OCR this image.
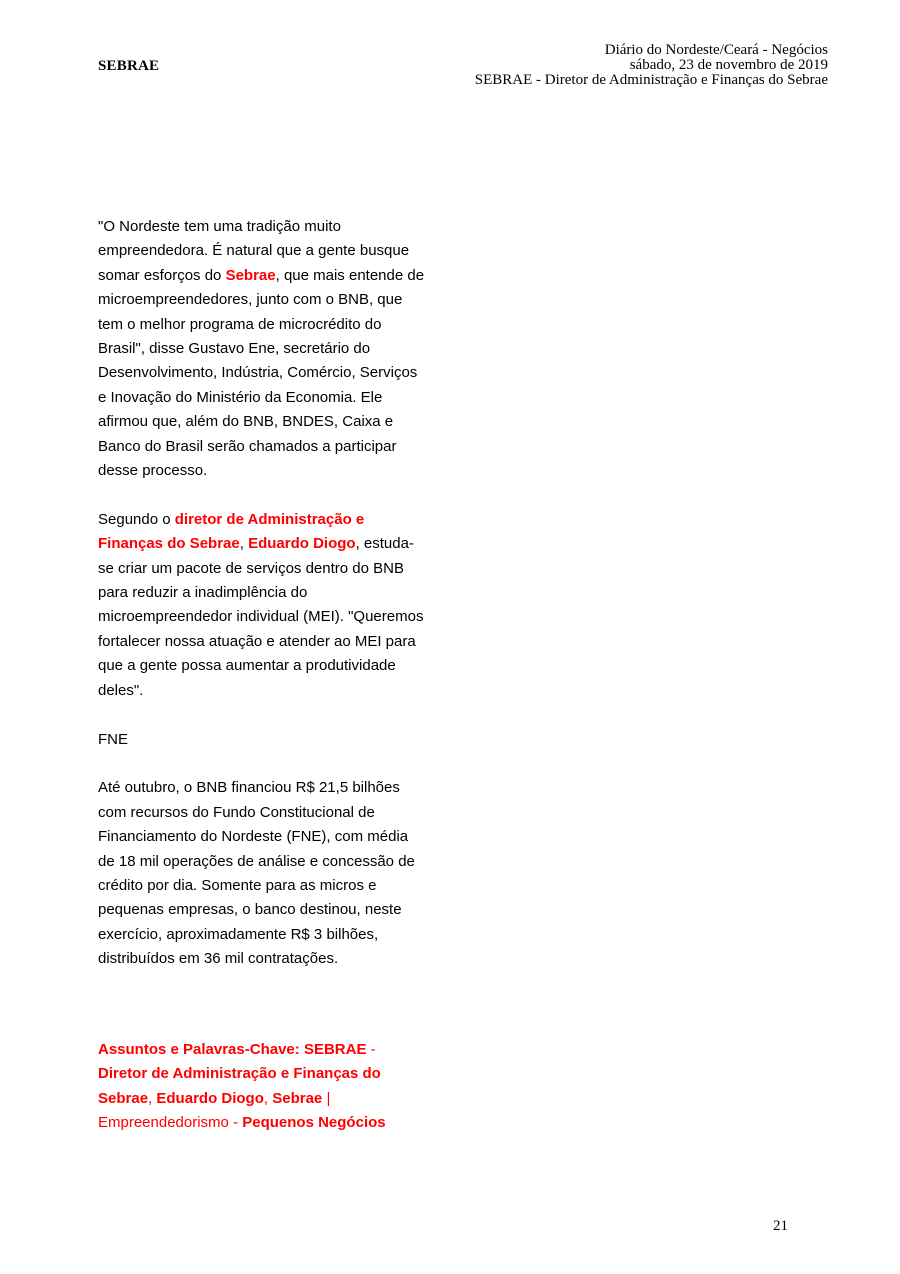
SEBRAE
Diário do Nordeste/Ceará - Negócios
sábado, 23 de novembro de 2019
SEBRAE - Diretor de Administração e Finanças do Sebrae

"O Nordeste tem uma tradição muito empreendedora. É natural que a gente busque somar esforços do Sebrae, que mais entende de microempreendedores, junto com o BNB, que tem o melhor programa de microcrédito do Brasil", disse Gustavo Ene, secretário do Desenvolvimento, Indústria, Comércio, Serviços e Inovação do Ministério da Economia. Ele afirmou que, além do BNB, BNDES, Caixa e Banco do Brasil serão chamados a participar desse processo.

Segundo o diretor de Administração e Finanças do Sebrae, Eduardo Diogo, estuda-se criar um pacote de serviços dentro do BNB para reduzir a inadimplência do microempreendedor individual (MEI). "Queremos fortalecer nossa atuação e atender ao MEI para que a gente possa aumentar a produtividade deles".

FNE

Até outubro, o BNB financiou R$ 21,5 bilhões com recursos do Fundo Constitucional de Financiamento do Nordeste (FNE), com média de 18 mil operações de análise e concessão de crédito por dia. Somente para as micros e pequenas empresas, o banco destinou, neste exercício, aproximadamente R$ 3 bilhões, distribuídos em 36 mil contratações.

Assuntos e Palavras-Chave: SEBRAE - Diretor de Administração e Finanças do Sebrae, Eduardo Diogo, Sebrae | Empreendedorismo - Pequenos Negócios
21
